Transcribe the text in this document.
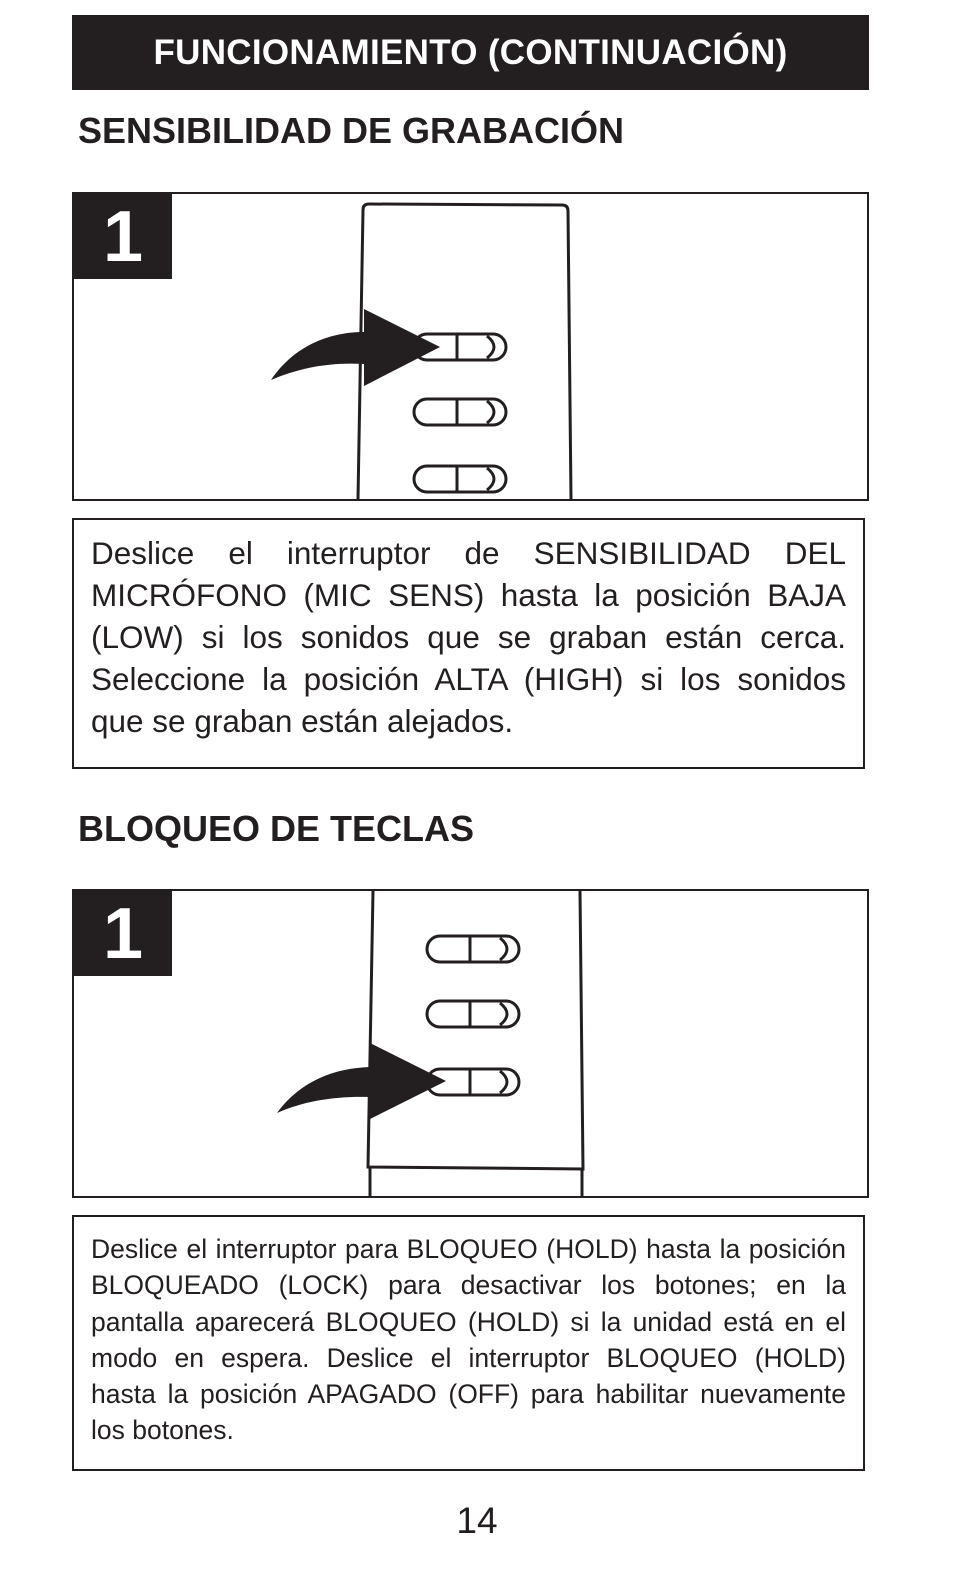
FUNCIONAMIENTO (CONTINUACIÓN)
SENSIBILIDAD DE GRABACIÓN
1
Deslice el interruptor de SENSIBILIDAD DEL MICRÓFONO (MIC SENS) hasta la posición BAJA (LOW) si los sonidos que se graban están cerca. Seleccione la posición ALTA (HIGH) si los sonidos que se graban están alejados.
BLOQUEO DE TECLAS
1
Deslice el interruptor para BLOQUEO (HOLD) hasta la posición BLOQUEADO (LOCK) para desactivar los botones; en la pantalla aparecerá BLOQUEO (HOLD) si la unidad está en el modo en espera. Deslice el interruptor BLOQUEO (HOLD) hasta la posición APAGADO (OFF) para habilitar nuevamente los botones.
14
